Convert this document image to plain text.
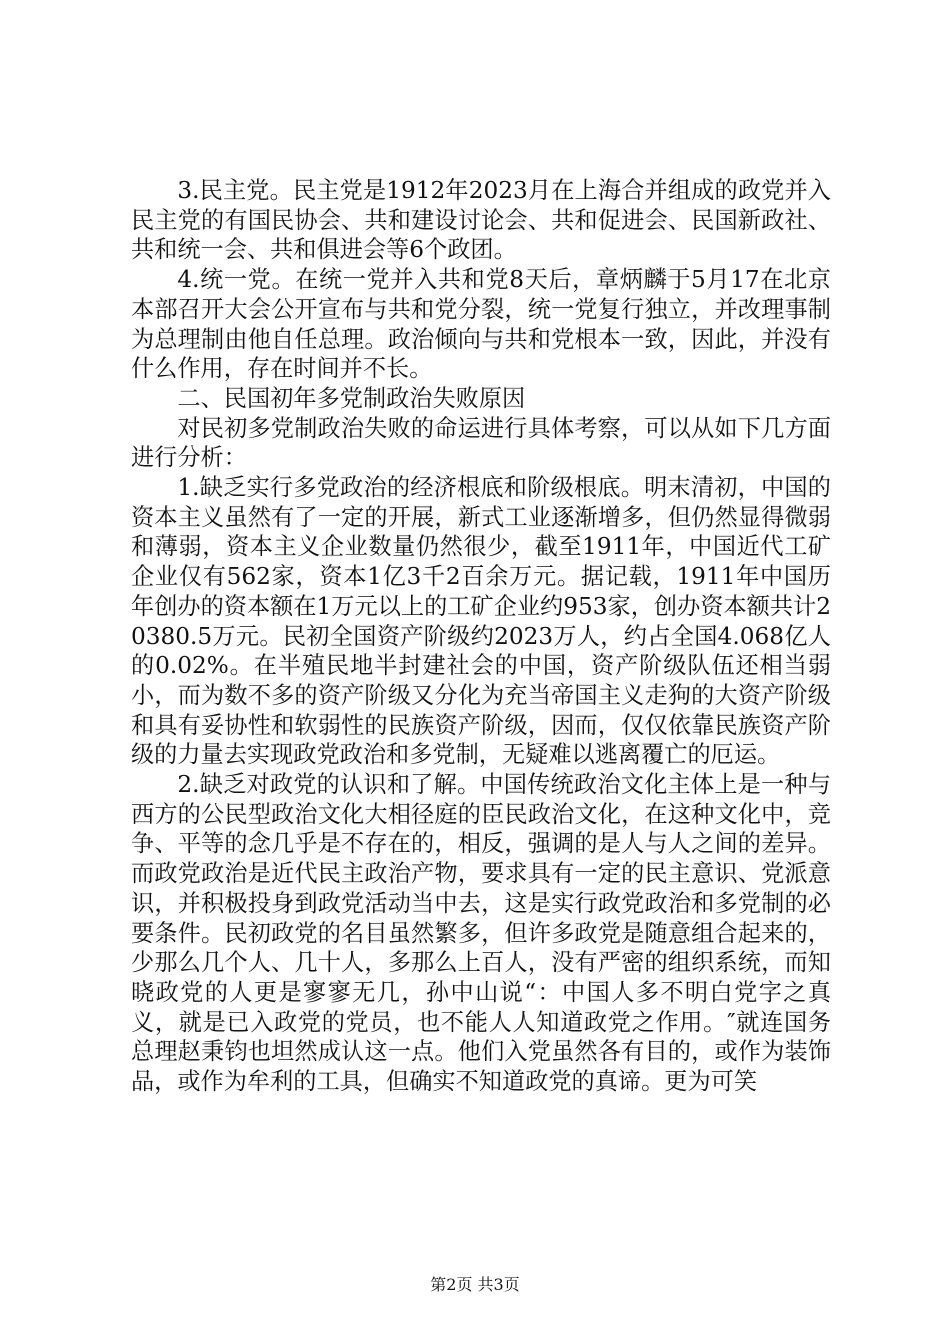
3.民主党。民主党是1912年2023月在上海合并组成的政党并入民主党的有国民协会、共和建设讨论会、共和促进会、民国新政社、共和统一会、共和俱进会等6个政团。

4.统一党。在统一党并入共和党8天后，章炳麟于5月17在北京本部召开大会公开宣布与共和党分裂，统一党复行独立，并改理事制为总理制由他自任总理。政治倾向与共和党根本一致，因此，并没有什么作用，存在时间并不长。

二、民国初年多党制政治失败原因

对民初多党制政治失败的命运进行具体考察，可以从如下几方面进行分析：

1.缺乏实行多党政治的经济根底和阶级根底。明末清初，中国的资本主义虽然有了一定的开展，新式工业逐渐增多，但仍然显得微弱和薄弱，资本主义企业数量仍然很少，截至1911年，中国近代工矿企业仅有562家，资本1亿3千2百余万元。据记载，1911年中国历年创办的资本额在1万元以上的工矿企业约953家，创办资本额共计20380.5万元。民初全国资产阶级约2023万人，约占全国4.068亿人的0.02%。在半殖民地半封建社会的中国，资产阶级队伍还相当弱小，而为数不多的资产阶级又分化为充当帝国主义走狗的大资产阶级和具有妥协性和软弱性的民族资产阶级，因而，仅仅依靠民族资产阶级的力量去实现政党政治和多党制，无疑难以逃离覆亡的厄运。

2.缺乏对政党的认识和了解。中国传统政治文化主体上是一种与西方的公民型政治文化大相径庭的臣民政治文化，在这种文化中，竞争、平等的念几乎是不存在的，相反，强调的是人与人之间的差异。而政党政治是近代民主政治产物，要求具有一定的民主意识、党派意识，并积极投身到政党活动当中去，这是实行政党政治和多党制的必要条件。民初政党的名目虽然繁多，但许多政党是随意组合起来的，少那么几个人、几十人，多那么上百人，没有严密的组织系统，而知晓政党的人更是寥寥无几，孙中山说“：中国人多不明白党字之真义，就是已入政党的党员，也不能人人知道政党之作用。″就连国务总理赵秉钧也坦然成认这一点。他们入党虽然各有目的，或作为装饰品，或作为牟利的工具，但确实不知道政党的真谛。更为可笑

第2页 共3页
